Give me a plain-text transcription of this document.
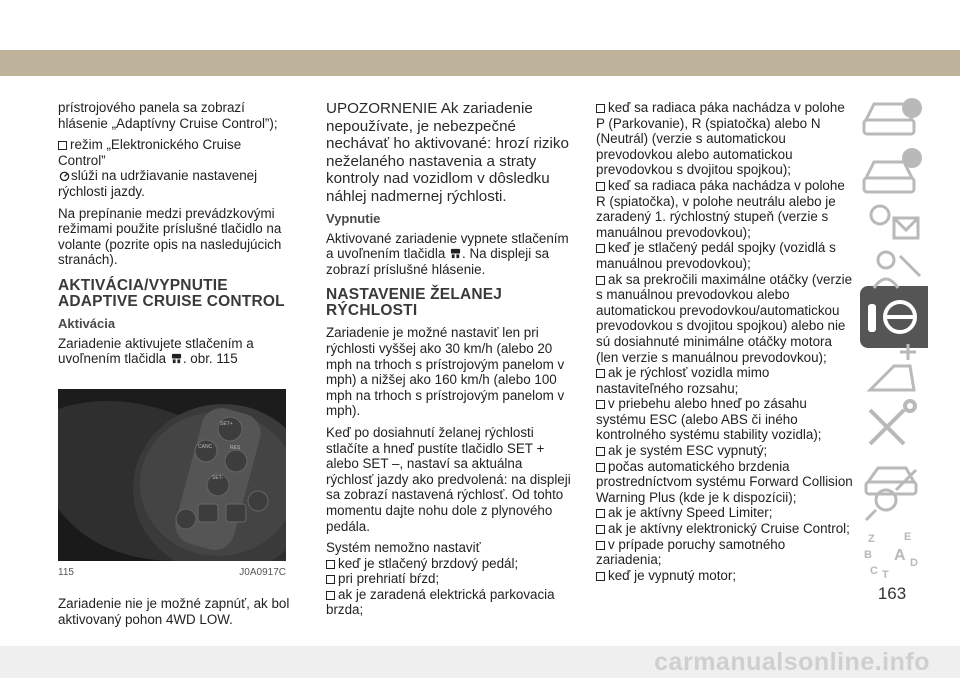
prístrojového panela sa zobrazí hlásenie „Adaptívny Cruise Control”);

režim „Elektronického Cruise Control”

slúži na udržiavanie nastavenej rýchlosti jazdy.

Na prepínanie medzi prevádzkovými režimami použite príslušné tlačidlo na volante (pozrite opis na nasledujúcich stranách).

AKTIVÁCIA/VYPNUTIE ADAPTIVE CRUISE CONTROL
Aktivácia

Zariadenie aktivujete stlačením a uvoľnením tlačidla . obr. 115

SET+
RES
CANC
SET-
115	J0A0917C

Zariadenie nie je možné zapnúť, ak bol aktivovaný pohon 4WD LOW.

UPOZORNENIE Ak zariadenie nepoužívate, je nebezpečné nechávať ho aktivované: hrozí riziko neželaného nastavenia a straty kontroly nad vozidlom v dôsledku náhlej nadmernej rýchlosti.

Vypnutie

Aktivované zariadenie vypnete stlačením a uvoľnením tlačidla . Na displeji sa zobrazí príslušné hlásenie.

NASTAVENIE ŽELANEJ RÝCHLOSTI

Zariadenie je možné nastaviť len pri rýchlosti vyššej ako 30 km/h (alebo 20 mph na trhoch s prístrojovým panelom v mph) a nižšej ako 160 km/h (alebo 100 mph na trhoch s prístrojovým panelom v mph).

Keď po dosiahnutí želanej rýchlosti stlačíte a hneď pustíte tlačidlo SET + alebo SET –, nastaví sa aktuálna rýchlosť jazdy ako predvolená: na displeji sa zobrazí nastavená rýchlosť. Od tohto momentu dajte nohu dole z plynového pedála.

Systém nemožno nastaviť

keď je stlačený brzdový pedál;
pri prehriatí bŕzd;
ak je zaradená elektrická parkovacia brzda;
keď sa radiaca páka nachádza v polohe P (Parkovanie), R (spiatočka) alebo N (Neutrál) (verzie s automatickou prevodovkou alebo automatickou prevodovkou s dvojitou spojkou);
keď sa radiaca páka nachádza v polohe R (spiatočka), v polohe neutrálu alebo je zaradený 1. rýchlostný stupeň (verzie s manuálnou prevodovkou);
keď je stlačený pedál spojky (vozidlá s manuálnou prevodovkou);
ak sa prekročili maximálne otáčky (verzie s manuálnou prevodovkou alebo automatickou prevodovkou/automatickou prevodovkou s dvojitou spojkou) alebo nie sú dosiahnuté minimálne otáčky motora (len verzie s manuálnou prevodovkou);
ak je rýchlosť vozidla mimo nastaviteľného rozsahu;
v priebehu alebo hneď po zásahu systému ESC (alebo ABS či iného kontrolného systému stability vozidla);
ak je systém ESC vypnutý;
počas automatického brzdenia prostredníctvom systému Forward Collision Warning Plus (kde je k dispozícii);
ak je aktívny Speed Limiter;
ak je aktívny elektronický Cruise Control;
v prípade poruchy samotného zariadenia;
keď je vypnutý motor;
Z	E
B A
C
D
T
163
carmanualsonline.info
